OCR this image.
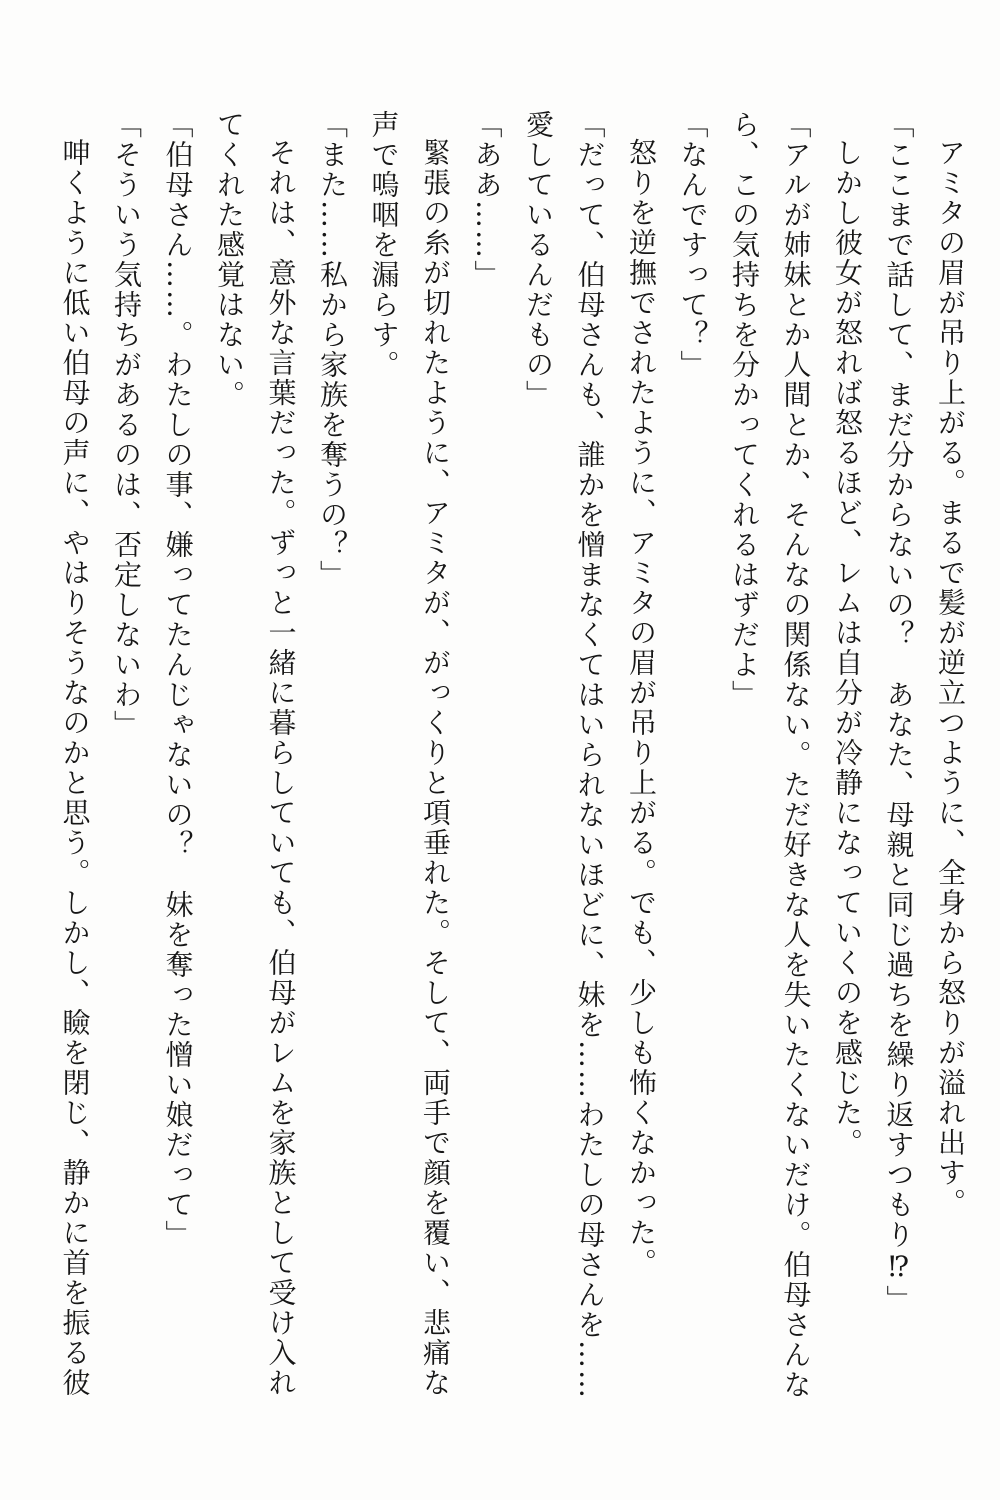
アミタの眉が吊り上がる。まるで髪が逆立つように、全身から怒りが溢れ出す。

「ここまで話して、まだ分からないの？　あなた、母親と同じ過ちを繰り返すつもり⁉」

しかし彼女が怒れば怒るほど、レムは自分が冷静になっていくのを感じた。

「アルが姉妹とか人間とか、そんなの関係ない。ただ好きな人を失いたくないだけ。伯母さんなら、この気持ちを分かってくれるはずだよ」

「なんですって？」

怒りを逆撫でされたように、アミタの眉が吊り上がる。でも、少しも怖くなかった。

「だって、伯母さんも、誰かを憎まなくてはいられないほどに、妹を……わたしの母さんを……愛しているんだもの」

「ああ……」

緊張の糸が切れたように、アミタが、がっくりと項垂れた。そして、両手で顔を覆い、悲痛な声で嗚咽を漏らす。

「また……私から家族を奪うの？」

それは、意外な言葉だった。ずっと一緒に暮らしていても、伯母がレムを家族として受け入れてくれた感覚はない。

「伯母さん……。わたしの事、嫌ってたんじゃないの？　妹を奪った憎い娘だって」

「そういう気持ちがあるのは、否定しないわ」

呻くように低い伯母の声に、やはりそうなのかと思う。しかし、瞼を閉じ、静かに首を振る彼
